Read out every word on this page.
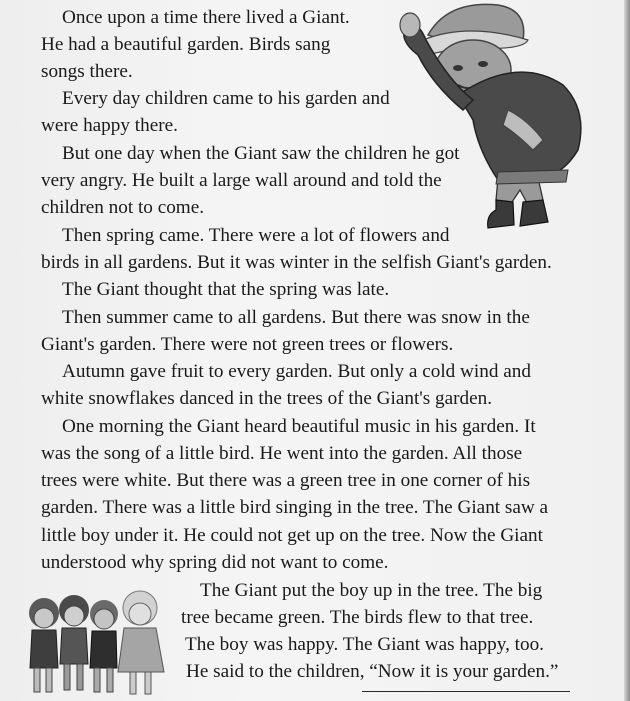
Once upon a time there lived a Giant.
He had a beautiful garden. Birds sang
songs there.
Every day children came to his garden and
were happy there.
But one day when the Giant saw the children he got
very angry. He built a large wall around and told the
children not to come.
Then spring came. There were a lot of flowers and
birds in all gardens. But it was winter in the selfish Giant's garden.
The Giant thought that the spring was late.
Then summer came to all gardens. But there was snow in the
Giant's garden. There were not green trees or flowers.
Autumn gave fruit to every garden. But only a cold wind and
white snowflakes danced in the trees of the Giant's garden.
One morning the Giant heard beautiful music in his garden. It
was the song of a little bird. He went into the garden. All those
trees were white. But there was a green tree in one corner of his
garden. There was a little bird singing in the tree. The Giant saw a
little boy under it. He could not get up on the tree. Now the Giant
understood why spring did not want to come.
The Giant put the boy up in the tree. The big
tree became green. The birds flew to that tree.
The boy was happy. The Giant was happy, too.
He said to the children, “Now it is your garden.”
